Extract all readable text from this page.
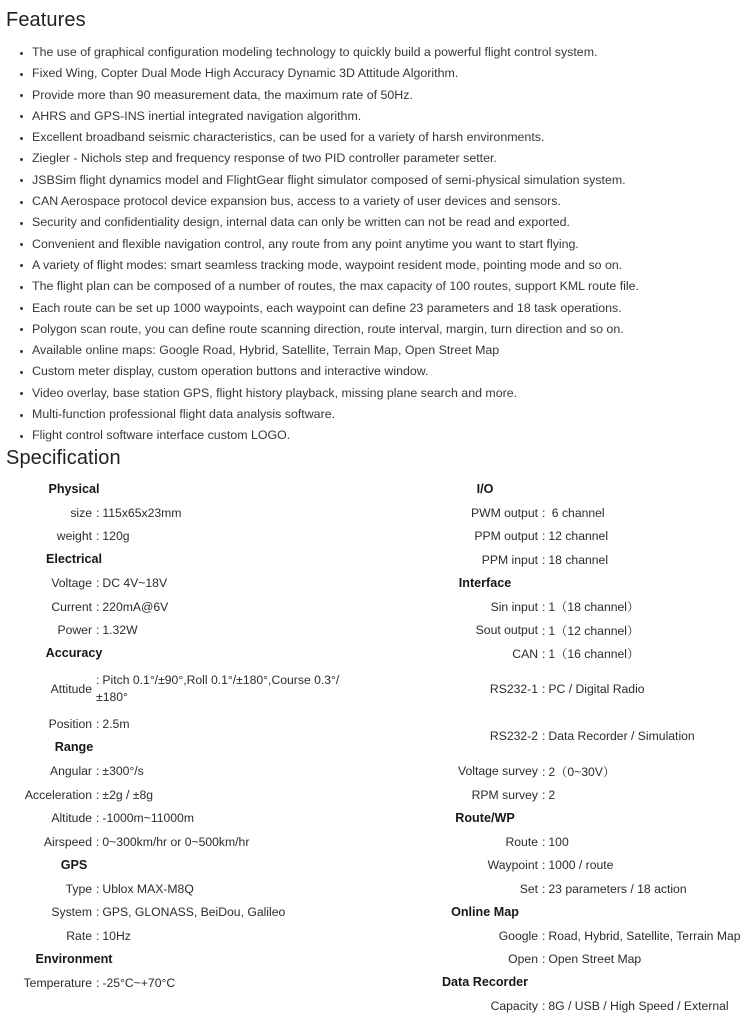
Features
The use of graphical configuration modeling technology to quickly build a powerful flight control system.
Fixed Wing, Copter Dual Mode High Accuracy Dynamic 3D Attitude Algorithm.
Provide more than 90 measurement data, the maximum rate of 50Hz.
AHRS and GPS-INS inertial integrated navigation algorithm.
Excellent broadband seismic characteristics, can be used for a variety of harsh environments.
Ziegler - Nichols step and frequency response of two PID controller parameter setter.
JSBSim flight dynamics model and FlightGear flight simulator composed of semi-physical simulation system.
CAN Aerospace protocol device expansion bus, access to a variety of user devices and sensors.
Security and confidentiality design, internal data can only be written can not be read and exported.
Convenient and flexible navigation control, any route from any point anytime you want to start flying.
A variety of flight modes: smart seamless tracking mode, waypoint resident mode, pointing mode and so on.
The flight plan can be composed of a number of routes, the max capacity of 100 routes, support KML route file.
Each route can be set up 1000 waypoints, each waypoint can define 23 parameters and 18 task operations.
Polygon scan route, you can define route scanning direction, route interval, margin, turn direction and so on.
Available online maps: Google Road, Hybrid, Satellite, Terrain Map, Open Street Map
Custom meter display, custom operation buttons and interactive window.
Video overlay, base station GPS, flight history playback, missing plane search and more.
Multi-function professional flight data analysis software.
Flight control software interface custom LOGO.
Specification
Physical
size : 115x65x23mm
weight : 120g
Electrical
Voltage : DC 4V~18V
Current : 220mA@6V
Power : 1.32W
Accuracy
Attitude
: Pitch 0.1°/±90°,Roll 0.1°/±180°,Course 0.3°/±180°
Position : 2.5m
Range
Angular : ±300°/s
Acceleration : ±2g / ±8g
Altitude : -1000m~11000m
Airspeed : 0~300km/hr or 0~500km/hr
GPS
Type : Ublox MAX-M8Q
System : GPS, GLONASS, BeiDou, Galileo
Rate : 10Hz
Environment
Temperature : -25°C~+70°C
I/O
PWM output : 6 channel
PPM output : 12 channel
PPM input : 18 channel
Interface
Sin input : 1（18 channel）
Sout output : 1（12 channel）
CAN : 1（16 channel）
RS232-1 : PC / Digital Radio
RS232-2 : Data Recorder / Simulation
Voltage survey : 2（0~30V）
RPM survey : 2
Route/WP
Route : 100
Waypoint : 1000 / route
Set : 23 parameters / 18 action
Online Map
Google : Road, Hybrid, Satellite, Terrain Map
Open : Open Street Map
Data Recorder
Capacity : 8G / USB / High Speed / External
